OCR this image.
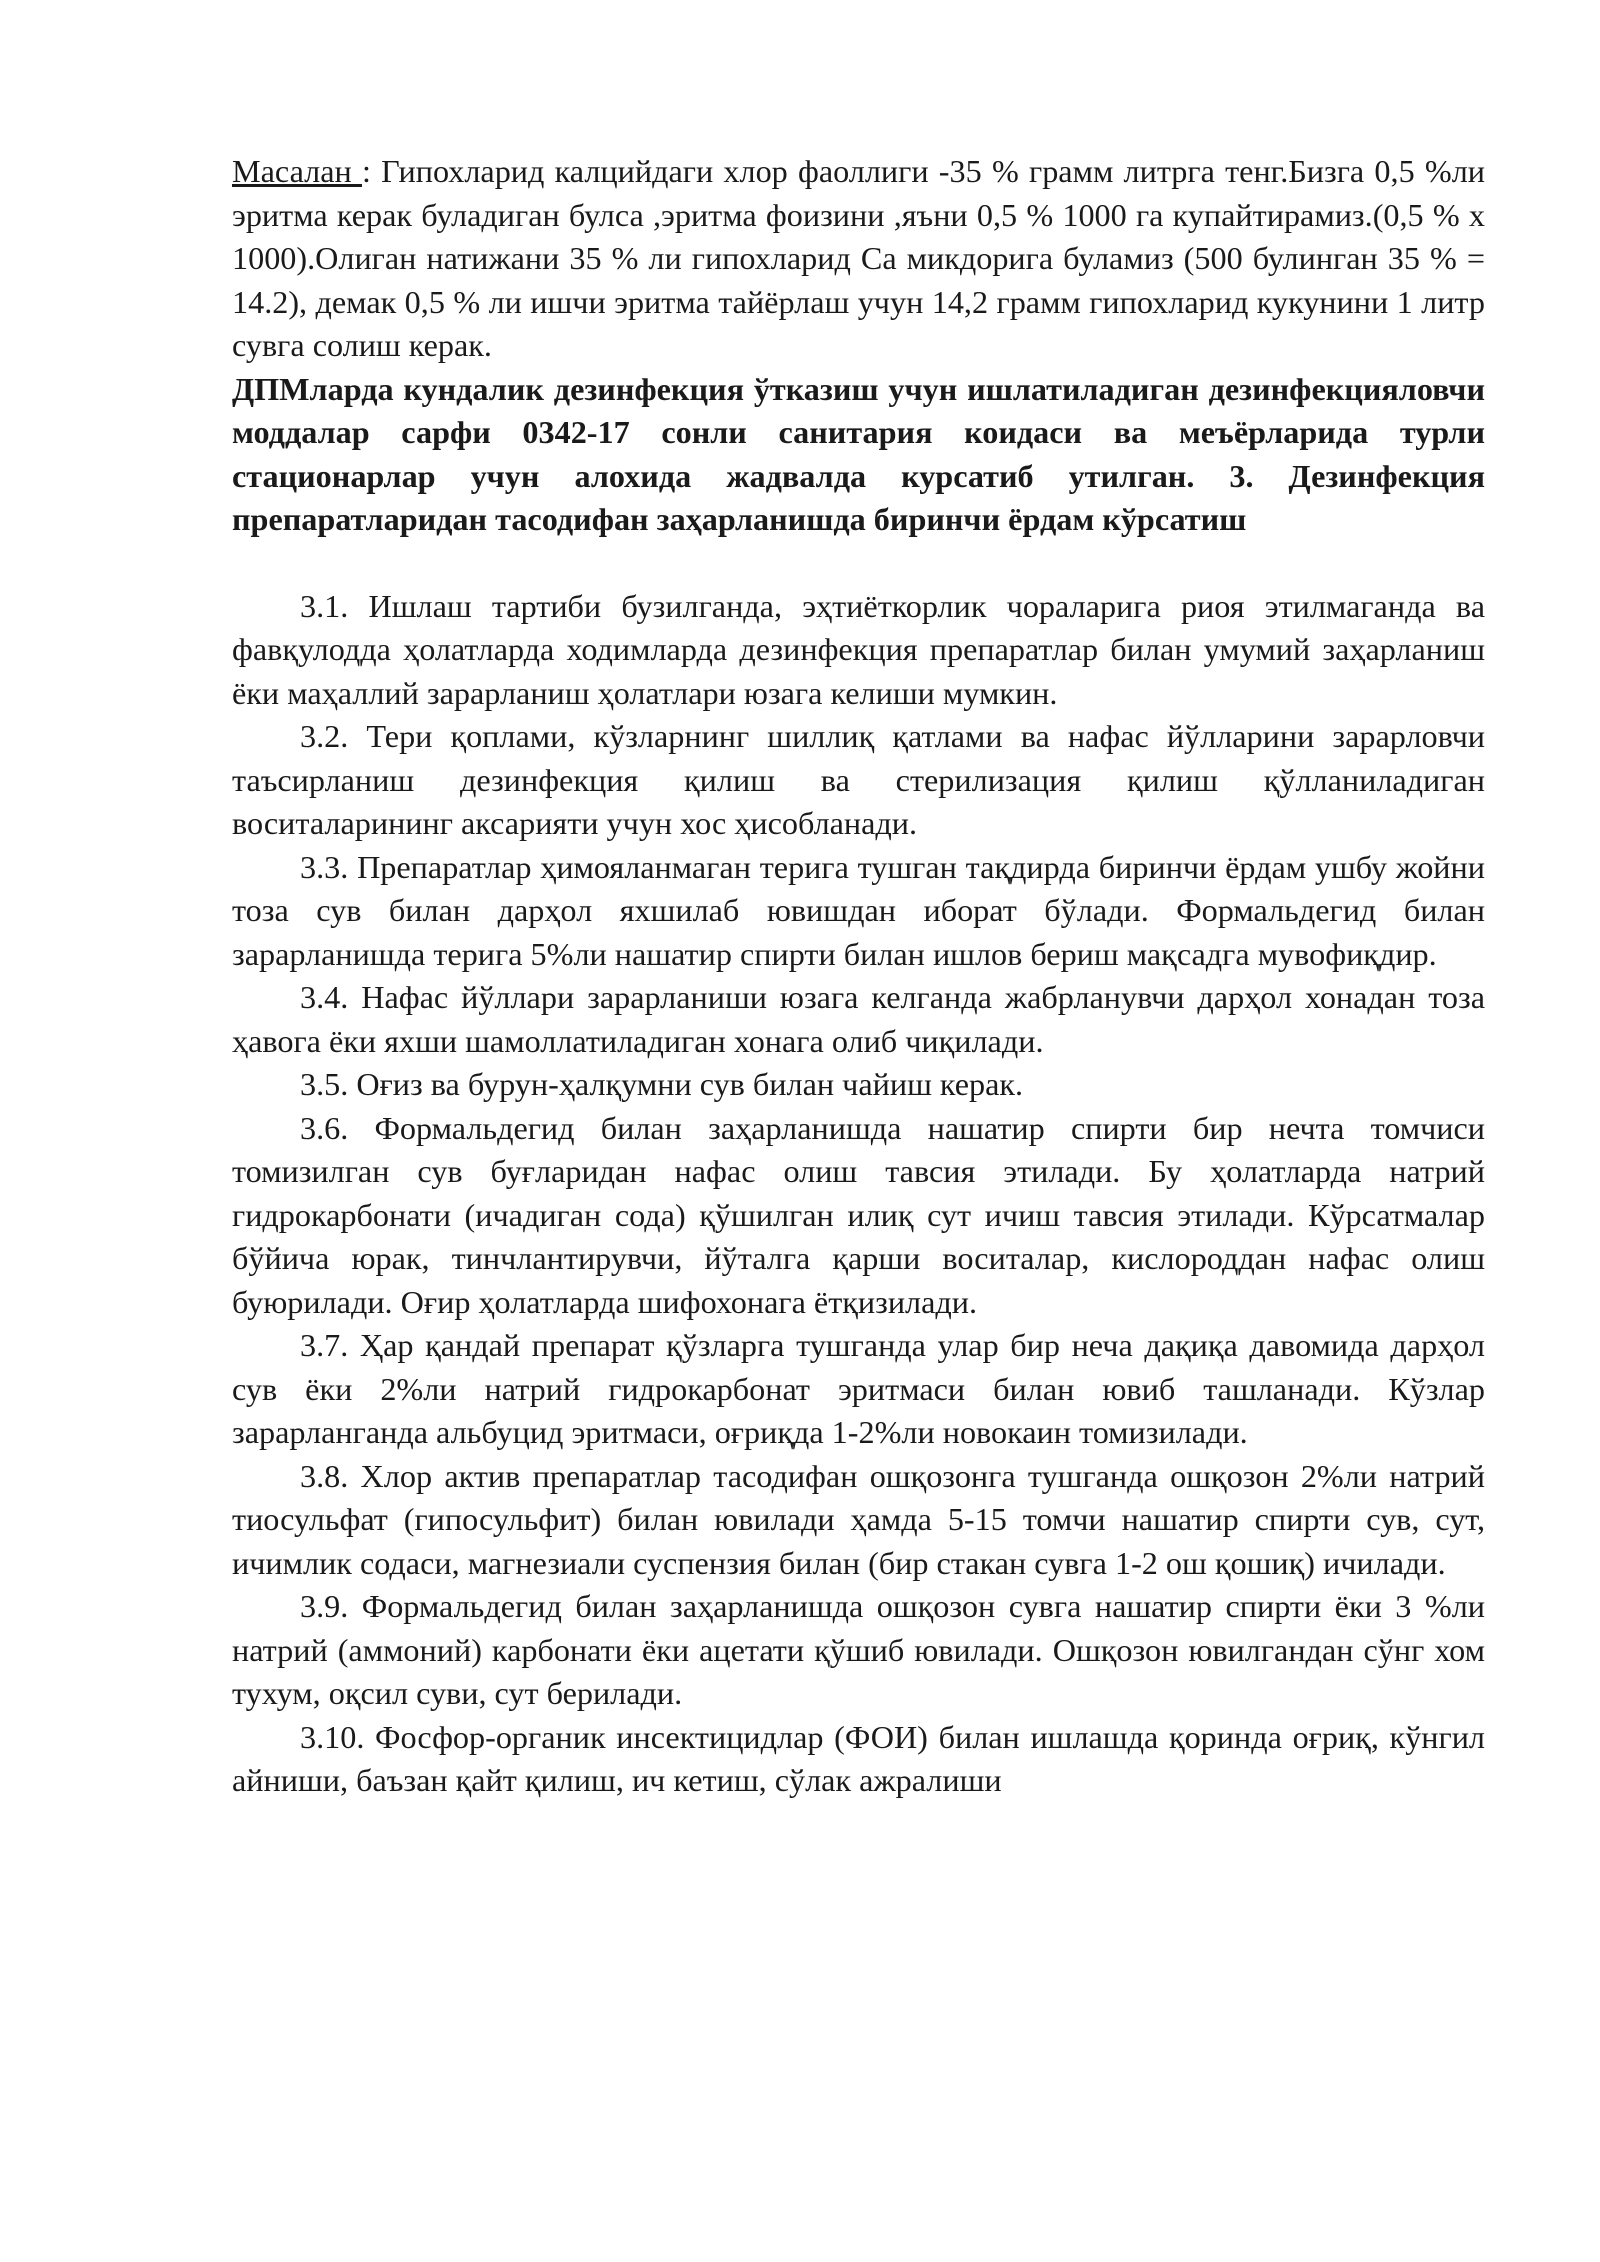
Масалан : Гипохларид калцийдаги хлор фаоллиги -35 % грамм литрга тенг.Бизга 0,5 %ли эритма керак буладиган булса ,эритма фоизини ,яъни 0,5 % 1000 га купайтирамиз.(0,5 % х 1000).Олиган натижани 35 % ли гипохларид Са микдорига буламиз (500 булинган 35 % = 14.2), демак 0,5 % ли ишчи эритма тайёрлаш учун 14,2 грамм гипохларид кукунини 1 литр сувга солиш керак.

ДПМларда кундалик дезинфекция ўтказиш учун ишлатиладиган дезинфекцияловчи моддалар сарфи 0342-17 сонли санитария коидаси ва меъёрларида турли стационарлар учун алохида жадвалда курсатиб утилган. 3. Дезинфекция препаратларидан тасодифан заҳарланишда биринчи ёрдам кўрсатиш

3.1. Ишлаш тартиби бузилганда, эҳтиёткорлик чораларига риоя этилмаганда ва фавқулодда ҳолатларда ходимларда дезинфекция препаратлар билан умумий заҳарланиш ёки маҳаллий зарарланиш ҳолатлари юзага келиши мумкин.

3.2. Тери қоплами, кўзларнинг шиллиқ қатлами ва нафас йўлларини зарарловчи таъсирланиш дезинфекция қилиш ва стерилизация қилиш қўлланиладиган воситаларининг аксарияти учун хос ҳисобланади.

3.3. Препаратлар ҳимояланмаган терига тушган тақдирда биринчи ёрдам ушбу жойни тоза сув билан дарҳол яхшилаб ювишдан иборат бўлади. Формальдегид билан зарарланишда терига 5%ли нашатир спирти билан ишлов бериш мақсадга мувофиқдир.

3.4. Нафас йўллари зарарланиши юзага келганда жабрланувчи дарҳол хонадан тоза ҳавога ёки яхши шамоллатиладиган хонага олиб чиқилади.

3.5. Оғиз ва бурун-ҳалқумни сув билан чайиш керак.

3.6. Формальдегид билан заҳарланишда нашатир спирти бир нечта томчиси томизилган сув буғларидан нафас олиш тавсия этилади. Бу ҳолатларда натрий гидрокарбонати (ичадиган сода) қўшилган илиқ сут ичиш тавсия этилади. Кўрсатмалар бўйича юрак, тинчлантирувчи, йўталга қарши воситалар, кислороддан нафас олиш буюрилади. Оғир ҳолатларда шифохонага ётқизилади.

3.7. Ҳар қандай препарат қўзларга тушганда улар бир неча дақиқа давомида дарҳол сув ёки 2%ли натрий гидрокарбонат эритмаси билан ювиб ташланади. Кўзлар зарарланганда альбуцид эритмаси, оғриқда 1-2%ли новокаин томизилади.

3.8. Хлор актив препаратлар тасодифан ошқозонга тушганда ошқозон 2%ли натрий тиосульфат (гипосульфит) билан ювилади ҳамда 5-15 томчи нашатир спирти сув, сут, ичимлик содаси, магнезиали суспензия билан (бир стакан сувга 1-2 ош қошиқ) ичилади.

3.9. Формальдегид билан заҳарланишда ошқозон сувга нашатир спирти ёки 3 %ли натрий (аммоний) карбонати ёки ацетати қўшиб ювилади. Ошқозон ювилгандан сўнг хом тухум, оқсил суви, сут берилади.

3.10. Фосфор-органик инсектицидлар (ФОИ) билан ишлашда қоринда оғриқ, кўнгил айниши, баъзан қайт қилиш, ич кетиш, сўлак ажралиши
